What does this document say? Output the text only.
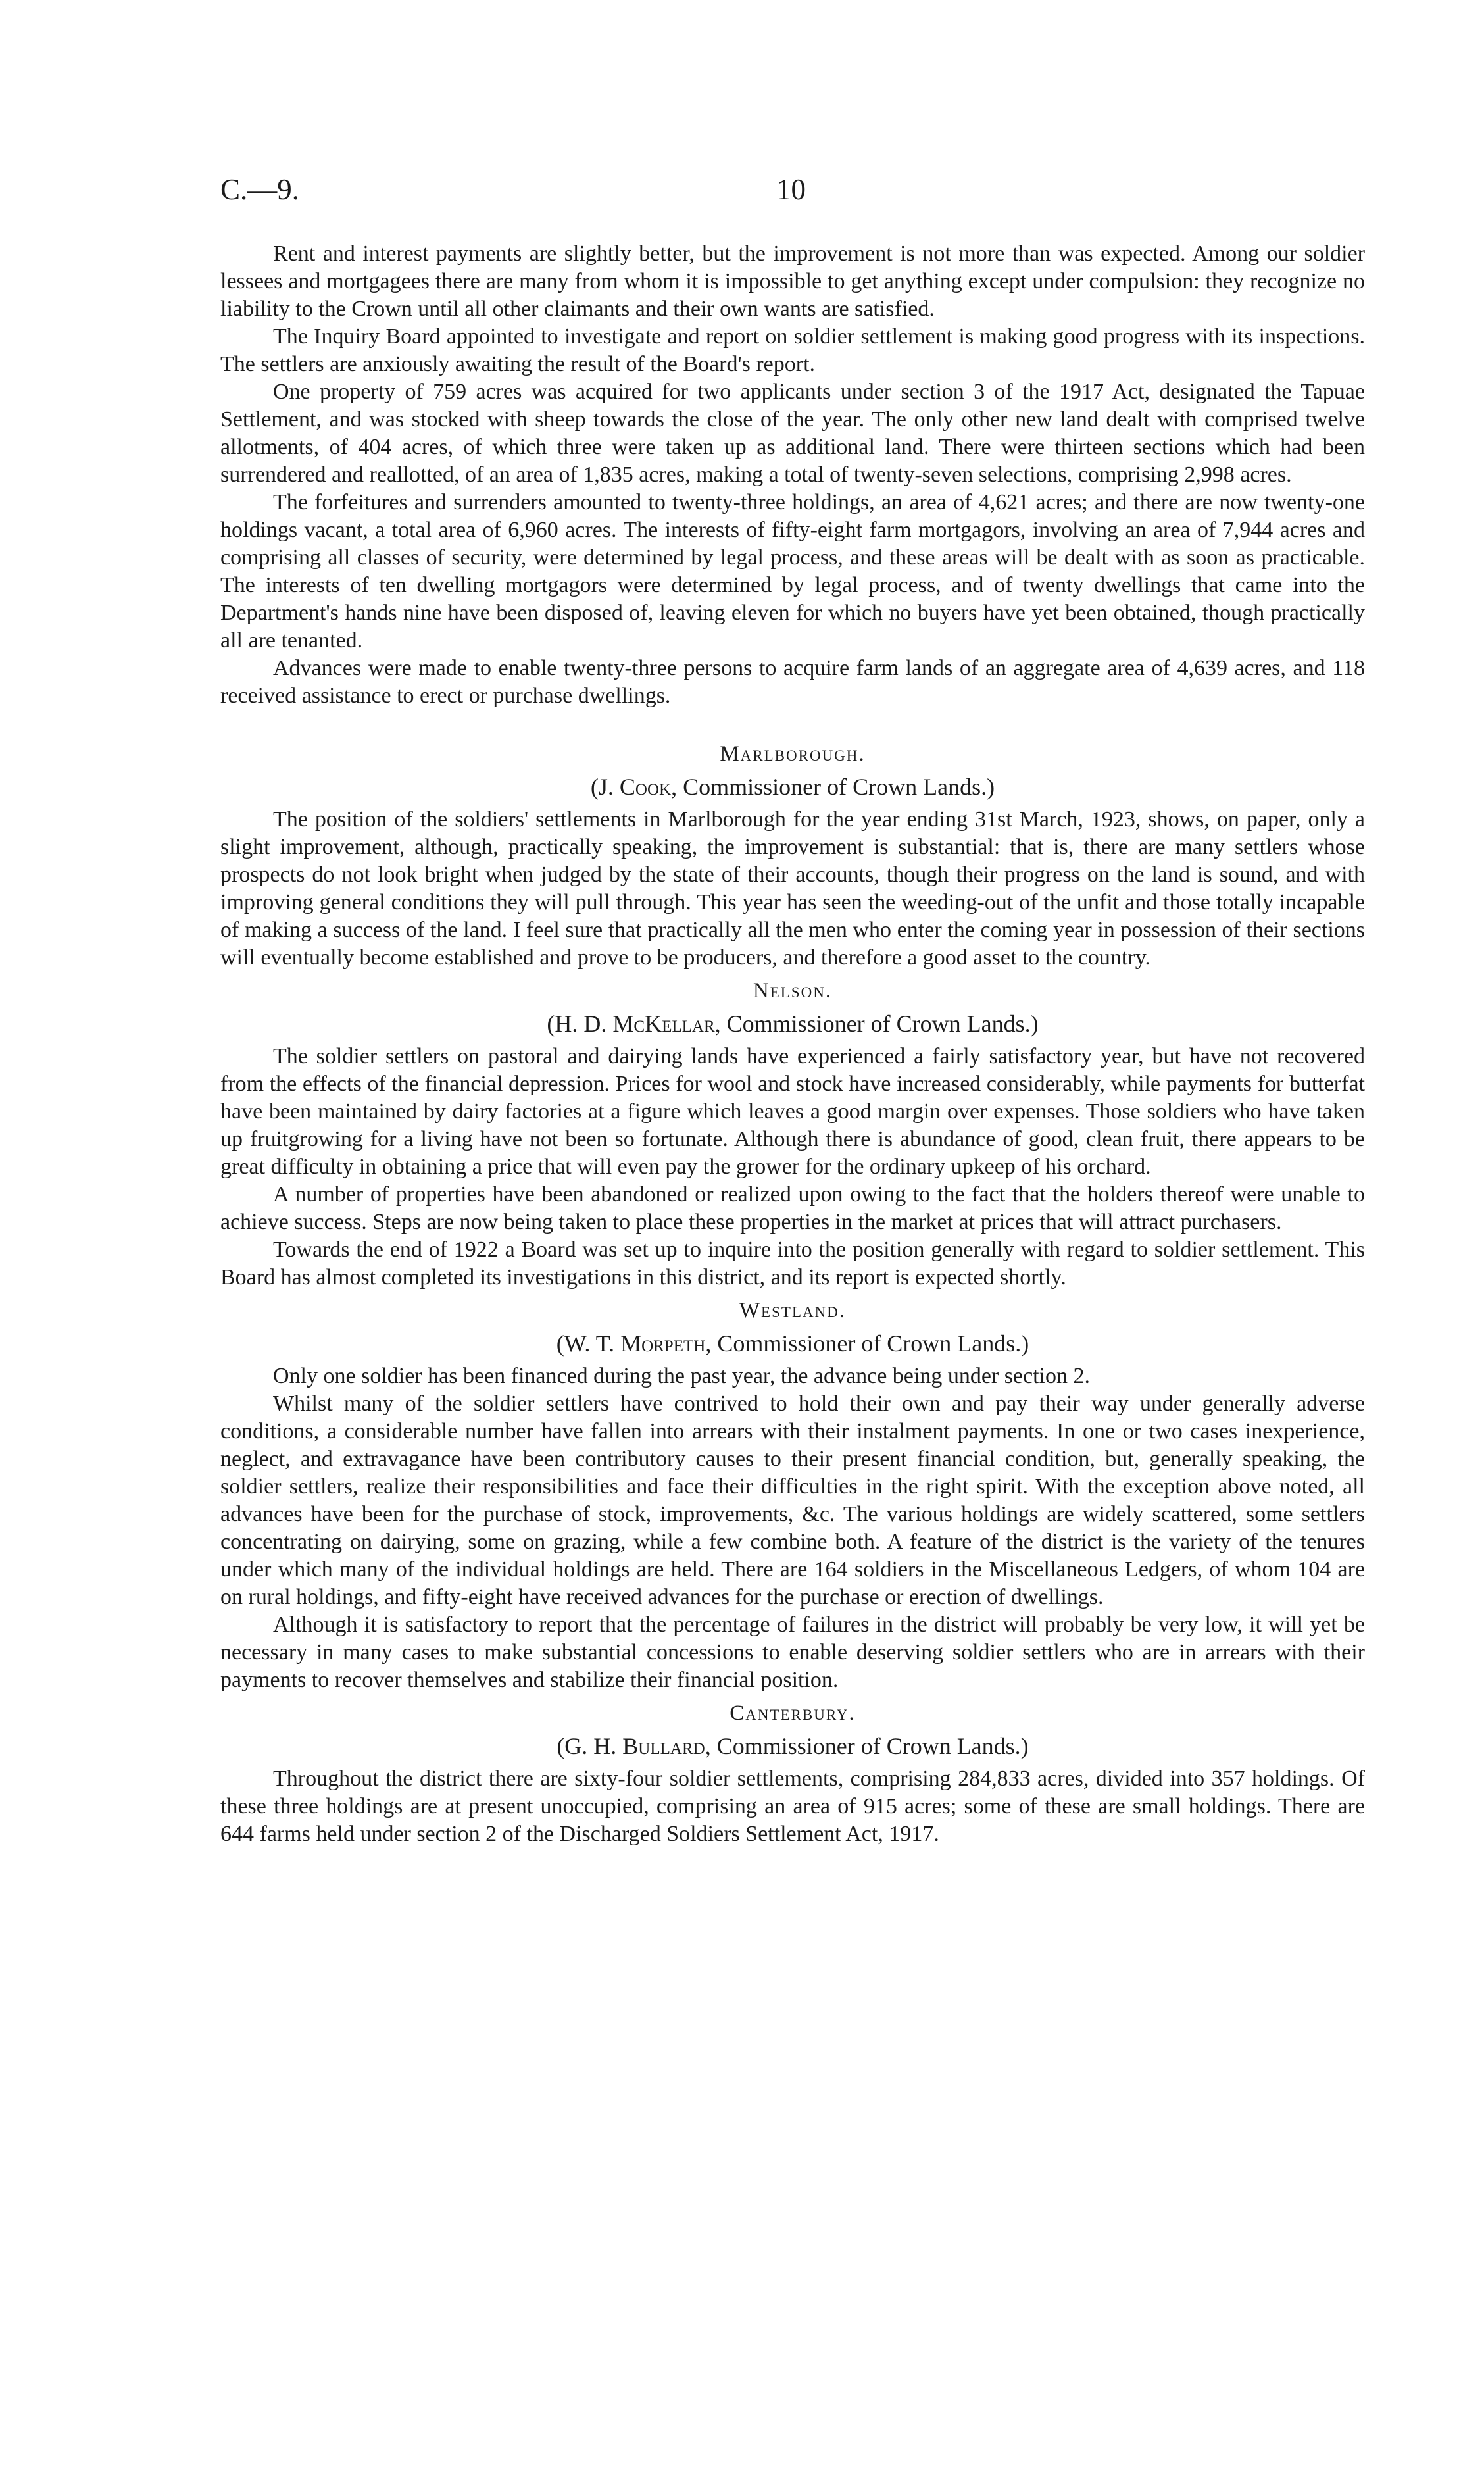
C.—9.	10

Rent and interest payments are slightly better, but the improvement is not more than was expected. Among our soldier lessees and mortgagees there are many from whom it is impossible to get anything except under compulsion: they recognize no liability to the Crown until all other claimants and their own wants are satisfied.

The Inquiry Board appointed to investigate and report on soldier settlement is making good progress with its inspections. The settlers are anxiously awaiting the result of the Board's report.

One property of 759 acres was acquired for two applicants under section 3 of the 1917 Act, designated the Tapuae Settlement, and was stocked with sheep towards the close of the year. The only other new land dealt with comprised twelve allotments, of 404 acres, of which three were taken up as additional land. There were thirteen sections which had been surrendered and reallotted, of an area of 1,835 acres, making a total of twenty-seven selections, comprising 2,998 acres.

The forfeitures and surrenders amounted to twenty-three holdings, an area of 4,621 acres; and there are now twenty-one holdings vacant, a total area of 6,960 acres. The interests of fifty-eight farm mortgagors, involving an area of 7,944 acres and comprising all classes of security, were determined by legal process, and these areas will be dealt with as soon as practicable. The interests of ten dwelling mortgagors were determined by legal process, and of twenty dwellings that came into the Department's hands nine have been disposed of, leaving eleven for which no buyers have yet been obtained, though practically all are tenanted.

Advances were made to enable twenty-three persons to acquire farm lands of an aggregate area of 4,639 acres, and 118 received assistance to erect or purchase dwellings.

Marlborough.
(J. Cook, Commissioner of Crown Lands.)

The position of the soldiers' settlements in Marlborough for the year ending 31st March, 1923, shows, on paper, only a slight improvement, although, practically speaking, the improvement is substantial: that is, there are many settlers whose prospects do not look bright when judged by the state of their accounts, though their progress on the land is sound, and with improving general conditions they will pull through. This year has seen the weeding-out of the unfit and those totally incapable of making a success of the land. I feel sure that practically all the men who enter the coming year in possession of their sections will eventually become established and prove to be producers, and therefore a good asset to the country.

Nelson.
(H. D. McKellar, Commissioner of Crown Lands.)

The soldier settlers on pastoral and dairying lands have experienced a fairly satisfactory year, but have not recovered from the effects of the financial depression. Prices for wool and stock have increased considerably, while payments for butterfat have been maintained by dairy factories at a figure which leaves a good margin over expenses. Those soldiers who have taken up fruitgrowing for a living have not been so fortunate. Although there is abundance of good, clean fruit, there appears to be great difficulty in obtaining a price that will even pay the grower for the ordinary upkeep of his orchard.

A number of properties have been abandoned or realized upon owing to the fact that the holders thereof were unable to achieve success. Steps are now being taken to place these properties in the market at prices that will attract purchasers.

Towards the end of 1922 a Board was set up to inquire into the position generally with regard to soldier settlement. This Board has almost completed its investigations in this district, and its report is expected shortly.

Westland.
(W. T. Morpeth, Commissioner of Crown Lands.)

Only one soldier has been financed during the past year, the advance being under section 2.

Whilst many of the soldier settlers have contrived to hold their own and pay their way under generally adverse conditions, a considerable number have fallen into arrears with their instalment payments. In one or two cases inexperience, neglect, and extravagance have been contributory causes to their present financial condition, but, generally speaking, the soldier settlers, realize their responsibilities and face their difficulties in the right spirit. With the exception above noted, all advances have been for the purchase of stock, improvements, &c. The various holdings are widely scattered, some settlers concentrating on dairying, some on grazing, while a few combine both. A feature of the district is the variety of the tenures under which many of the individual holdings are held. There are 164 soldiers in the Miscellaneous Ledgers, of whom 104 are on rural holdings, and fifty-eight have received advances for the purchase or erection of dwellings.

Although it is satisfactory to report that the percentage of failures in the district will probably be very low, it will yet be necessary in many cases to make substantial concessions to enable deserving soldier settlers who are in arrears with their payments to recover themselves and stabilize their financial position.

Canterbury.
(G. H. Bullard, Commissioner of Crown Lands.)

Throughout the district there are sixty-four soldier settlements, comprising 284,833 acres, divided into 357 holdings. Of these three holdings are at present unoccupied, comprising an area of 915 acres; some of these are small holdings. There are 644 farms held under section 2 of the Discharged Soldiers Settlement Act, 1917.
